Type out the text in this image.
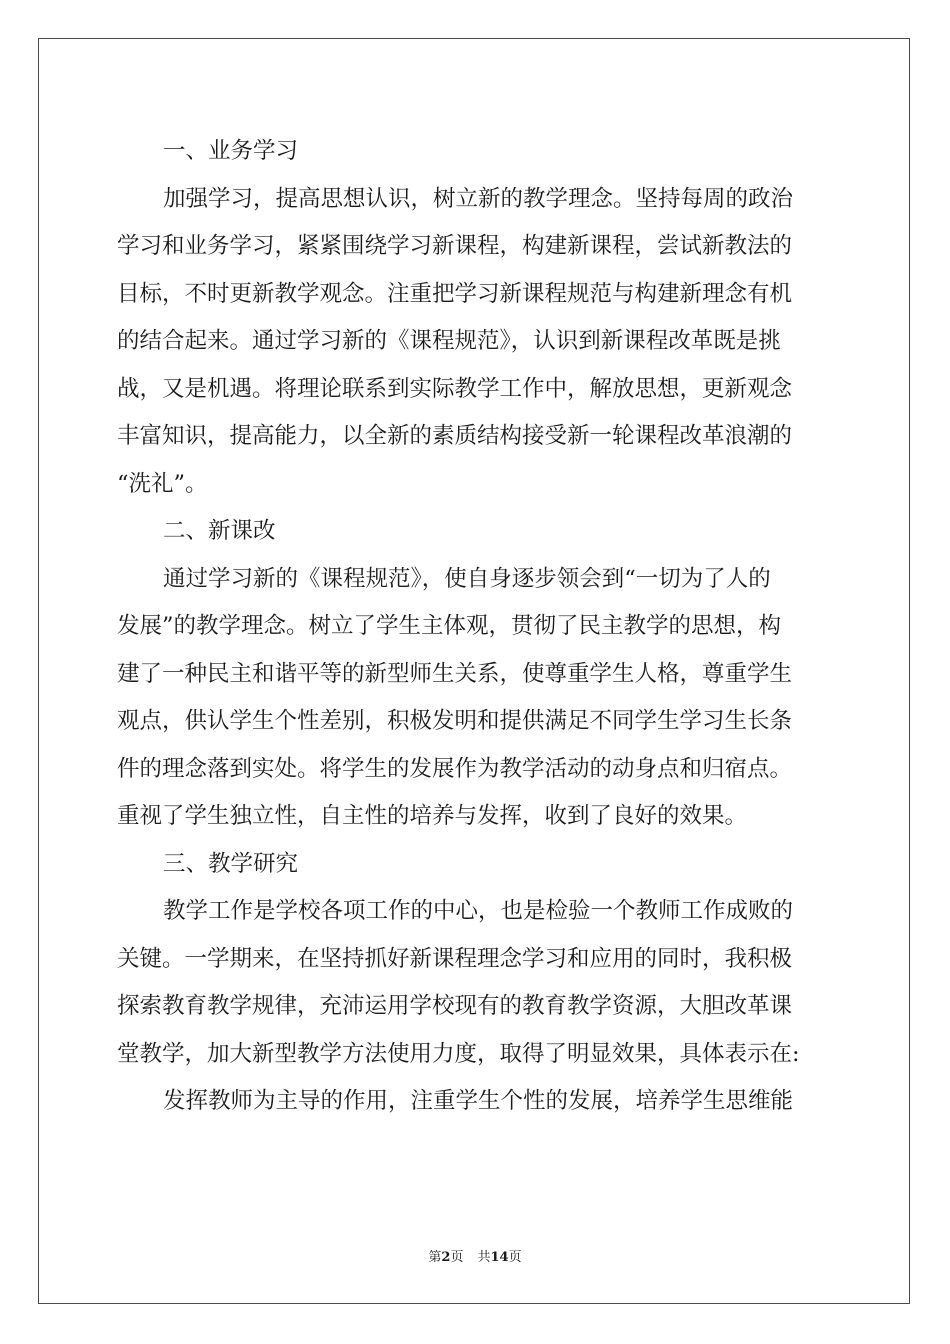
一、业务学习
加强学习，提高思想认识，树立新的教学理念。坚持每周的政治
学习和业务学习，紧紧围绕学习新课程，构建新课程，尝试新教法的
目标，不时更新教学观念。注重把学习新课程规范与构建新理念有机
的结合起来。通过学习新的《课程规范》，认识到新课程改革既是挑
战，又是机遇。将理论联系到实际教学工作中，解放思想，更新观念
丰富知识，提高能力，以全新的素质结构接受新一轮课程改革浪潮的
“洗礼”。
二、新课改
通过学习新的《课程规范》，使自身逐步领会到“一切为了人的
发展”的教学理念。树立了学生主体观，贯彻了民主教学的思想，构
建了一种民主和谐平等的新型师生关系，使尊重学生人格，尊重学生
观点，供认学生个性差别，积极发明和提供满足不同学生学习生长条
件的理念落到实处。将学生的发展作为教学活动的动身点和归宿点。
重视了学生独立性，自主性的培养与发挥，收到了良好的效果。
三、教学研究
教学工作是学校各项工作的中心，也是检验一个教师工作成败的
关键。一学期来，在坚持抓好新课程理念学习和应用的同时，我积极
探索教育教学规律，充沛运用学校现有的教育教学资源，大胆改革课
堂教学，加大新型教学方法使用力度，取得了明显效果，具体表示在:
发挥教师为主导的作用，注重学生个性的发展，培养学生思维能
第2页 共14页
